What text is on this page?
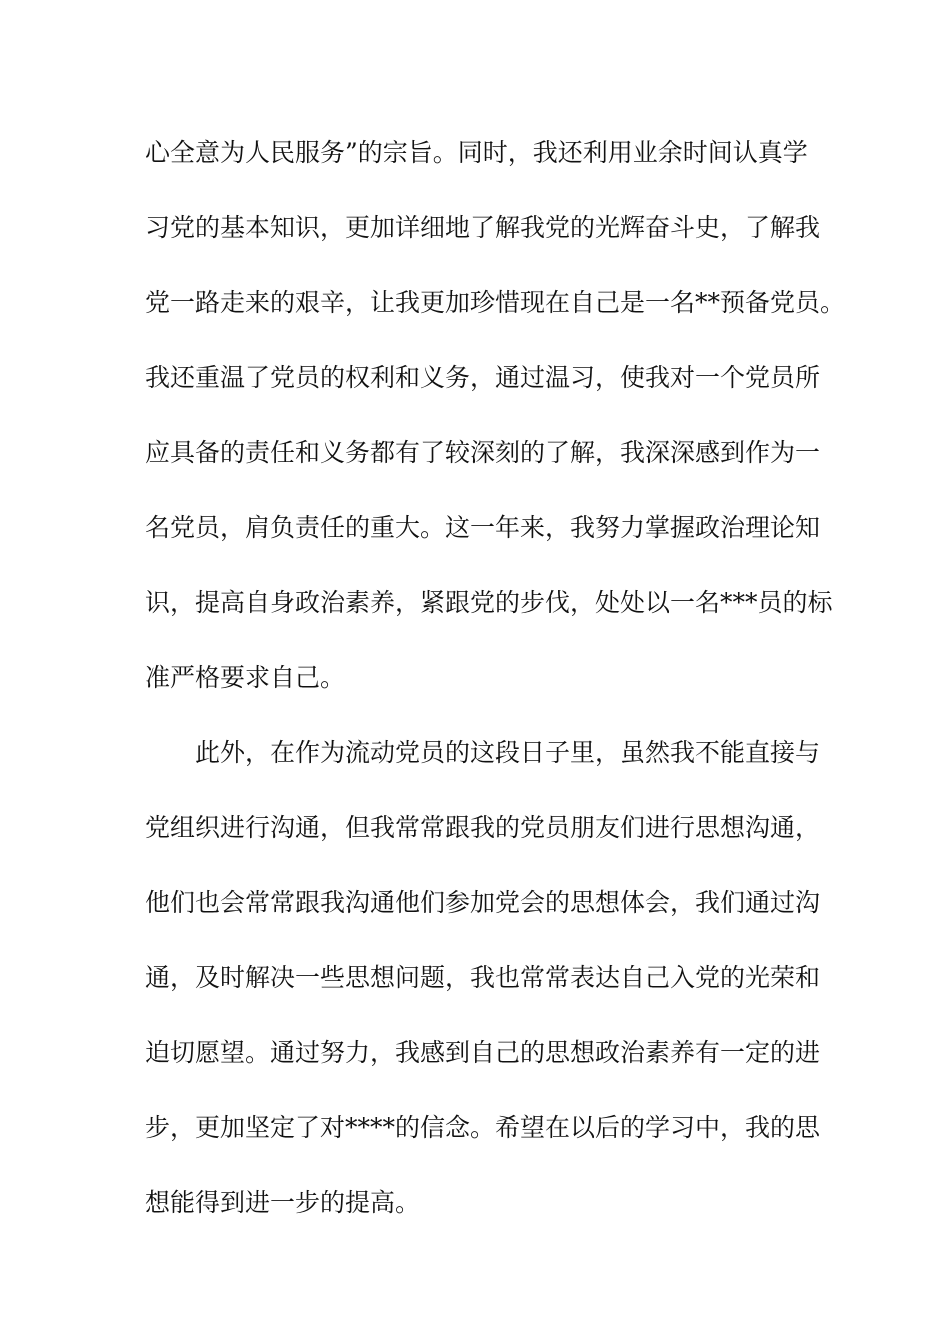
心全意为人民服务”的宗旨。同时，我还利用业余时间认真学
习党的基本知识，更加详细地了解我党的光辉奋斗史，了解我
党一路走来的艰辛，让我更加珍惜现在自己是一名**预备党员。
我还重温了党员的权利和义务，通过温习，使我对一个党员所
应具备的责任和义务都有了较深刻的了解，我深深感到作为一
名党员，肩负责任的重大。这一年来，我努力掌握政治理论知
识，提高自身政治素养，紧跟党的步伐，处处以一名***员的标
准严格要求自己。
此外，在作为流动党员的这段日子里，虽然我不能直接与
党组织进行沟通，但我常常跟我的党员朋友们进行思想沟通，
他们也会常常跟我沟通他们参加党会的思想体会，我们通过沟
通，及时解决一些思想问题，我也常常表达自己入党的光荣和
迫切愿望。通过努力，我感到自己的思想政治素养有一定的进
步，更加坚定了对****的信念。希望在以后的学习中，我的思
想能得到进一步的提高。
